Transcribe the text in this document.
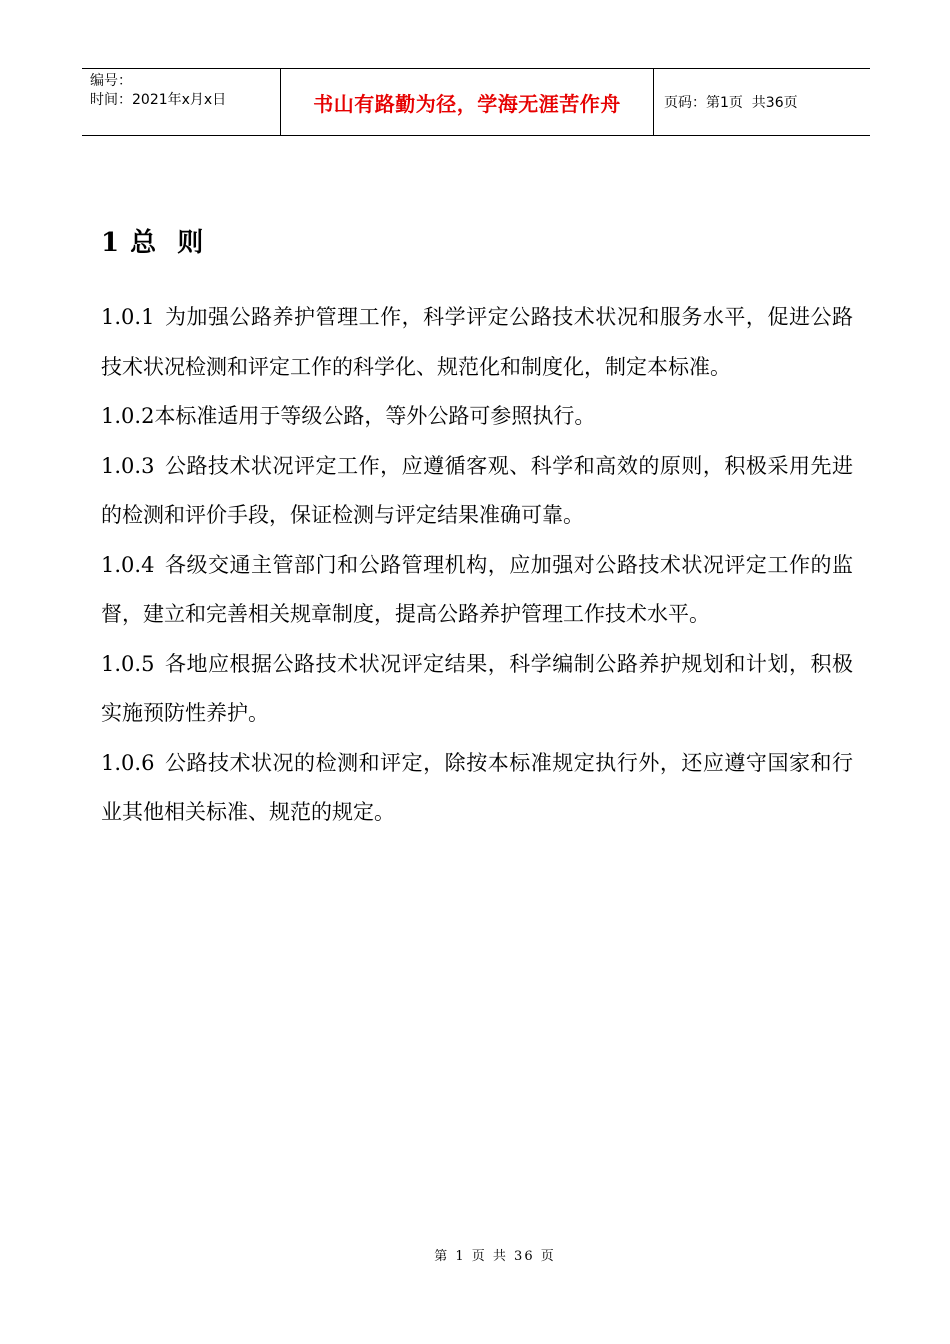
编号：
时间：2021年x月x日	书山有路勤为径，学海无涯苦作舟	页码：第1页  共36页
1 总  则

1.0.1 为加强公路养护管理工作，科学评定公路技术状况和服务水平，促进公路技术状况检测和评定工作的科学化、规范化和制度化，制定本标准。

1.0.2本标准适用于等级公路，等外公路可参照执行。

1.0.3 公路技术状况评定工作，应遵循客观、科学和高效的原则，积极采用先进的检测和评价手段，保证检测与评定结果准确可靠。

1.0.4 各级交通主管部门和公路管理机构，应加强对公路技术状况评定工作的监督，建立和完善相关规章制度，提高公路养护管理工作技术水平。

1.0.5 各地应根据公路技术状况评定结果，科学编制公路养护规划和计划，积极实施预防性养护。

1.0.6 公路技术状况的检测和评定，除按本标准规定执行外，还应遵守国家和行业其他相关标准、规范的规定。

第 1 页 共 36 页
